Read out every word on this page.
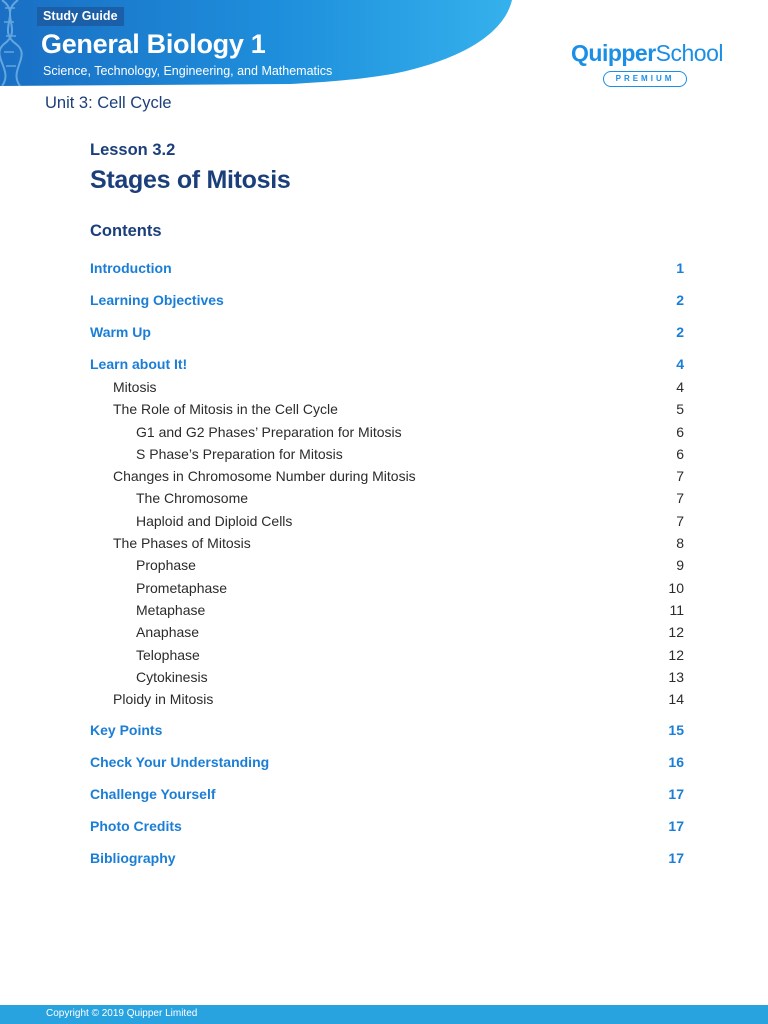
Study Guide
General Biology 1
Science, Technology, Engineering, and Mathematics
QuipperSchool
PREMIUM
Unit 3: Cell Cycle
Lesson 3.2
Stages of Mitosis
Contents
Introduction	1
Learning Objectives	2
Warm Up	2
Learn about It!	4
Mitosis	4
The Role of Mitosis in the Cell Cycle	5
G1 and G2 Phases’ Preparation for Mitosis	6
S Phase’s Preparation for Mitosis	6
Changes in Chromosome Number during Mitosis	7
The Chromosome	7
Haploid and Diploid Cells	7
The Phases of Mitosis	8
Prophase	9
Prometaphase	10
Metaphase	11
Anaphase	12
Telophase	12
Cytokinesis	13
Ploidy in Mitosis	14
Key Points	15
Check Your Understanding	16
Challenge Yourself	17
Photo Credits	17
Bibliography	17
Copyright © 2019 Quipper Limited
